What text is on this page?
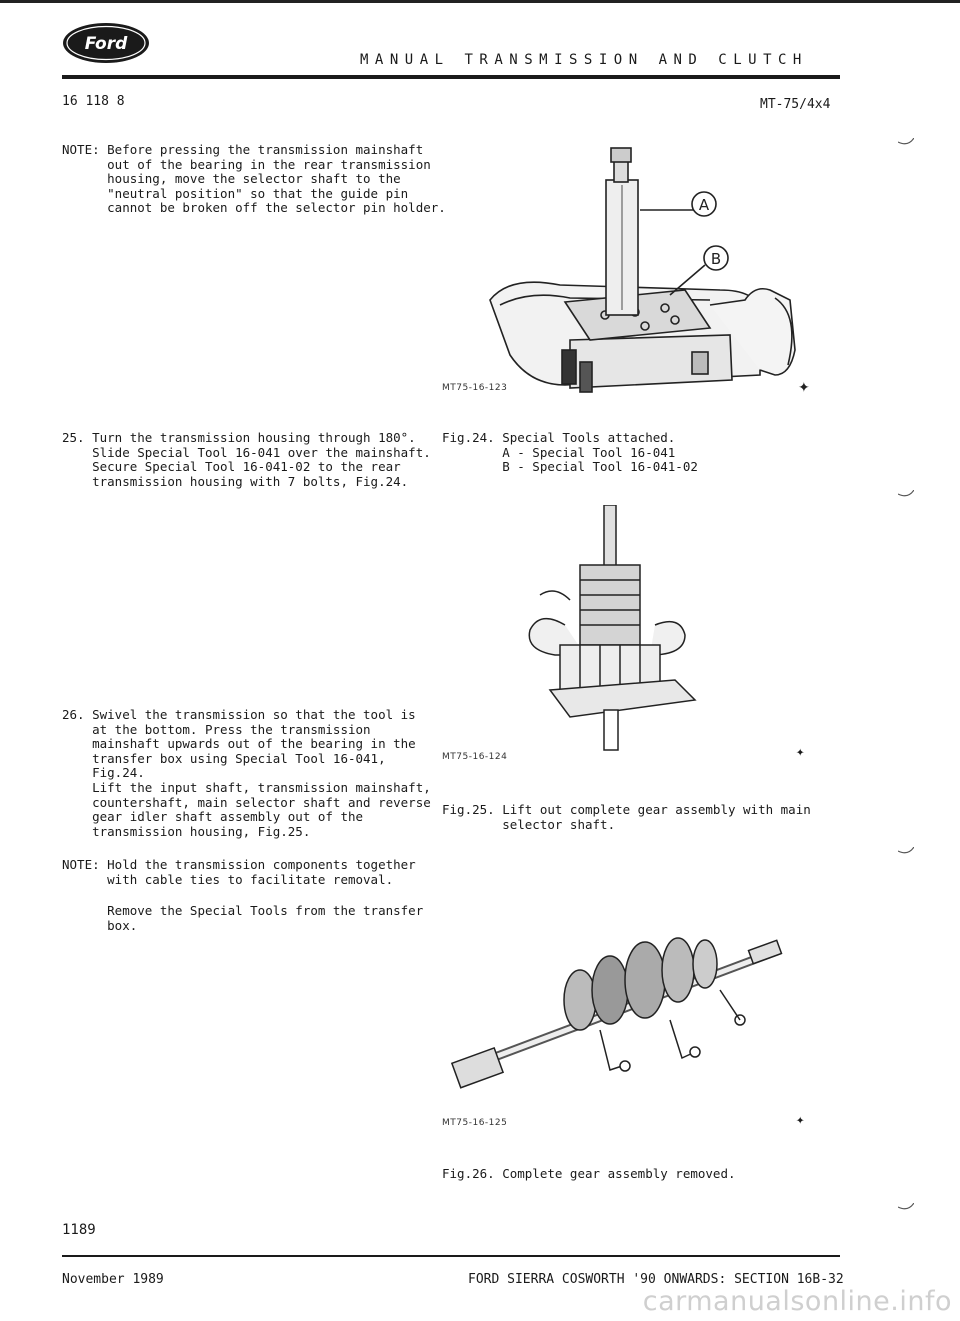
Ford
MANUAL TRANSMISSION AND CLUTCH
16 118 8	MT-75/4x4
NOTE: Before pressing the transmission mainshaft
out of the bearing in the rear transmission
housing, move the selector shaft to the
"neutral position" so that the guide pin
cannot be broken off the selector pin holder.
25. Turn the transmission housing through 180°.
Slide Special Tool 16-041 over the mainshaft.
Secure Special Tool 16-041-02 to the rear
transmission housing with 7 bolts, Fig.24.
26. Swivel the transmission so that the tool is
at the bottom. Press the transmission
mainshaft upwards out of the bearing in the
transfer box using Special Tool 16-041,
Fig.24.
Lift the input shaft, transmission mainshaft,
countershaft, main selector shaft and reverse
gear idler shaft assembly out of the
transmission housing, Fig.25.
NOTE: Hold the transmission components together
with cable ties to facilitate removal.
Remove the Special Tools from the transfer
box.
A
B
✦
MT75-16-123
Fig.24. Special Tools attached.
A - Special Tool 16-041
B - Special Tool 16-041-02
MT75-16-124	✦
Fig.25. Lift out complete gear assembly with main
selector shaft.
MT75-16-125	✦
Fig.26. Complete gear assembly removed.
1189
November 1989	FORD SIERRA COSWORTH '90 ONWARDS: SECTION 16B-32
carmanualsonline.info
